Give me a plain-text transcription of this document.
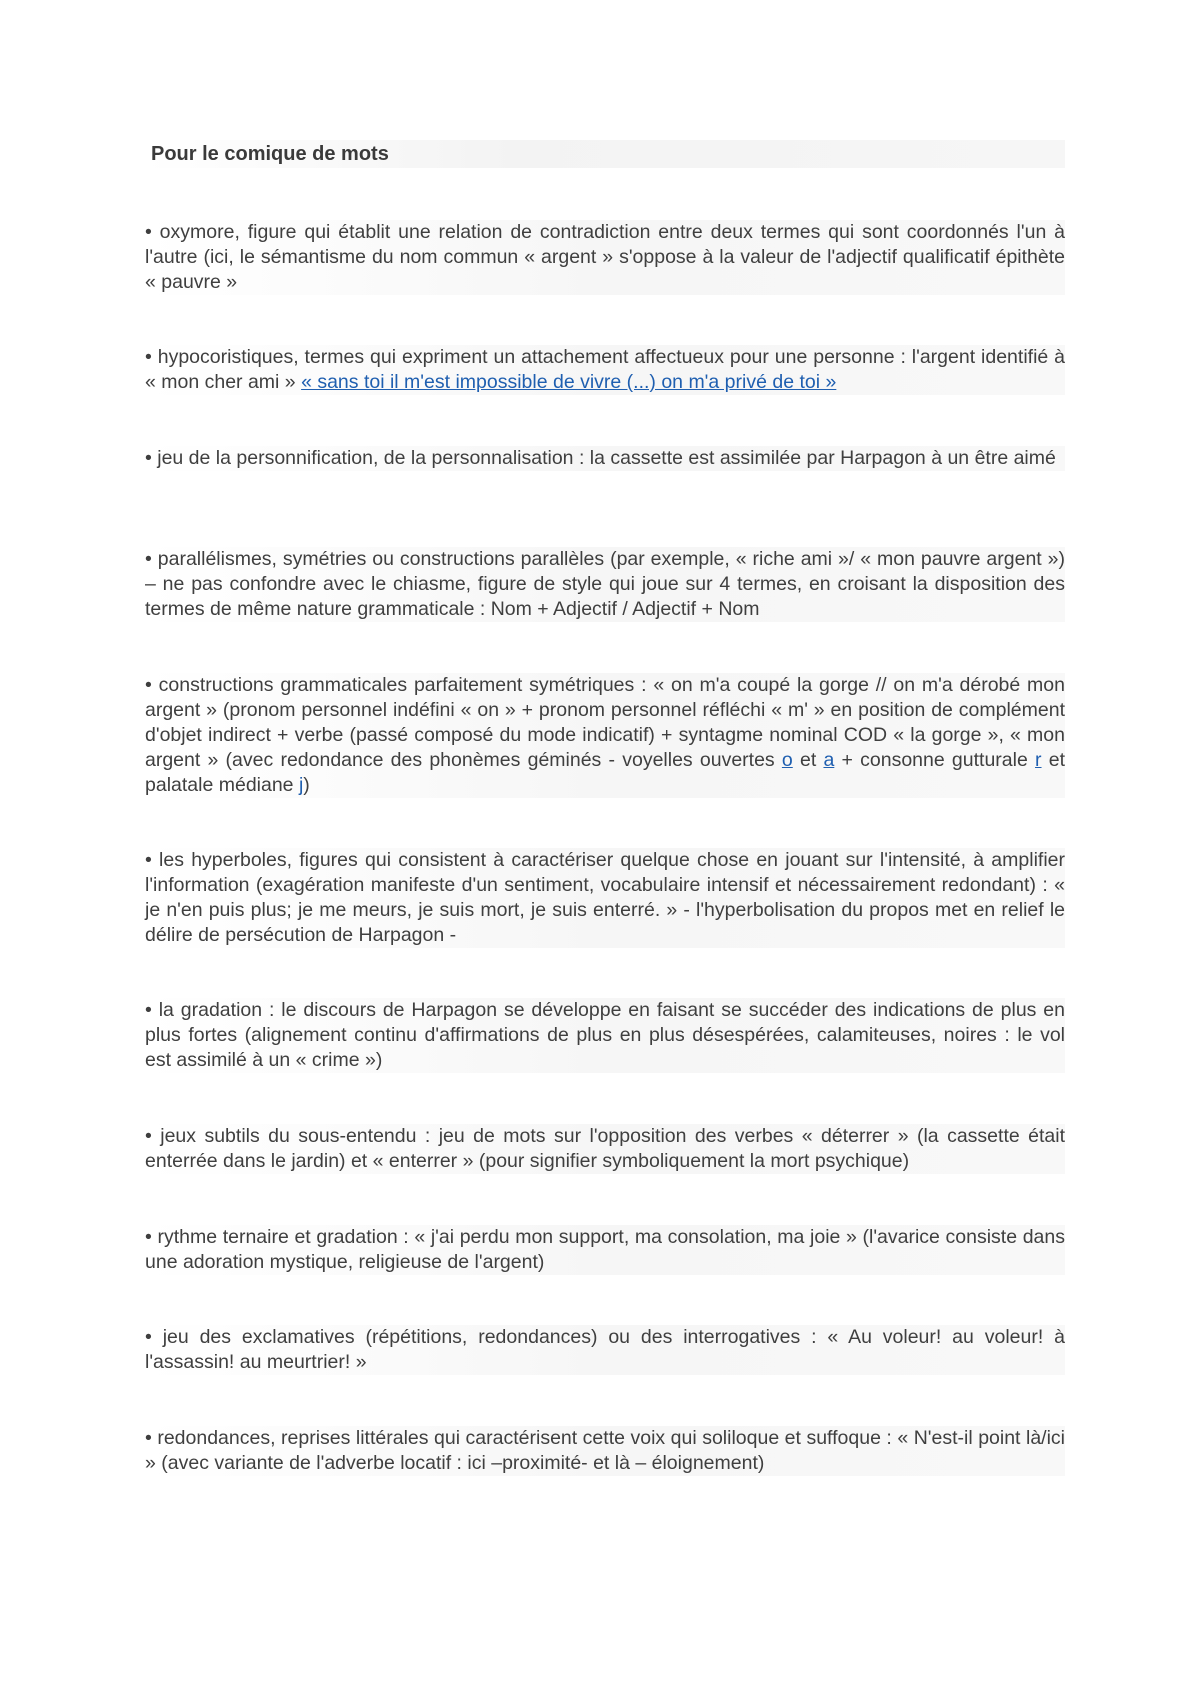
Pour le comique de mots

• oxymore, figure qui établit une relation de contradiction entre deux termes qui sont coordonnés l'un à l'autre (ici, le sémantisme du nom commun « argent » s'oppose à la valeur de l'adjectif qualificatif épithète « pauvre »

• hypocoristiques, termes qui expriment un attachement affectueux pour une personne : l'argent identifié à « mon cher ami » « sans toi il m'est impossible de vivre (...) on m'a privé de toi »

• jeu de la personnification, de la personnalisation : la cassette est assimilée par Harpagon à un être aimé

• parallélismes, symétries ou constructions parallèles (par exemple, « riche ami »/ « mon pauvre argent ») – ne pas confondre avec le chiasme, figure de style qui joue sur 4 termes, en croisant la disposition des termes de même nature grammaticale : Nom + Adjectif / Adjectif + Nom

• constructions grammaticales parfaitement symétriques : « on m'a coupé la gorge // on m'a dérobé mon argent » (pronom personnel indéfini « on » + pronom personnel réfléchi « m' » en position de complément d'objet indirect + verbe (passé composé du mode indicatif) + syntagme nominal COD « la gorge », « mon argent » (avec redondance des phonèmes géminés - voyelles ouvertes o et a + consonne gutturale r et palatale médiane j)

• les hyperboles, figures qui consistent à caractériser quelque chose en jouant sur l'intensité, à amplifier l'information (exagération manifeste d'un sentiment, vocabulaire intensif et nécessairement redondant) : « je n'en puis plus; je me meurs, je suis mort, je suis enterré. » - l'hyperbolisation du propos met en relief le délire de persécution de Harpagon -

• la gradation : le discours de Harpagon se développe en faisant se succéder des indications de plus en plus fortes (alignement continu d'affirmations de plus en plus désespérées, calamiteuses, noires : le vol est assimilé à un « crime »)

• jeux subtils du sous-entendu : jeu de mots sur l'opposition des verbes « déterrer » (la cassette était enterrée dans le jardin) et « enterrer » (pour signifier symboliquement la mort psychique)

• rythme ternaire et gradation : « j'ai perdu mon support, ma consolation, ma joie » (l'avarice consiste dans une adoration mystique, religieuse de l'argent)

• jeu des exclamatives (répétitions, redondances) ou des interrogatives : « Au voleur! au voleur! à l'assassin! au meurtrier! »

• redondances, reprises littérales qui caractérisent cette voix qui soliloque et suffoque : « N'est-il point là/ici » (avec variante de l'adverbe locatif : ici –proximité- et là – éloignement)
